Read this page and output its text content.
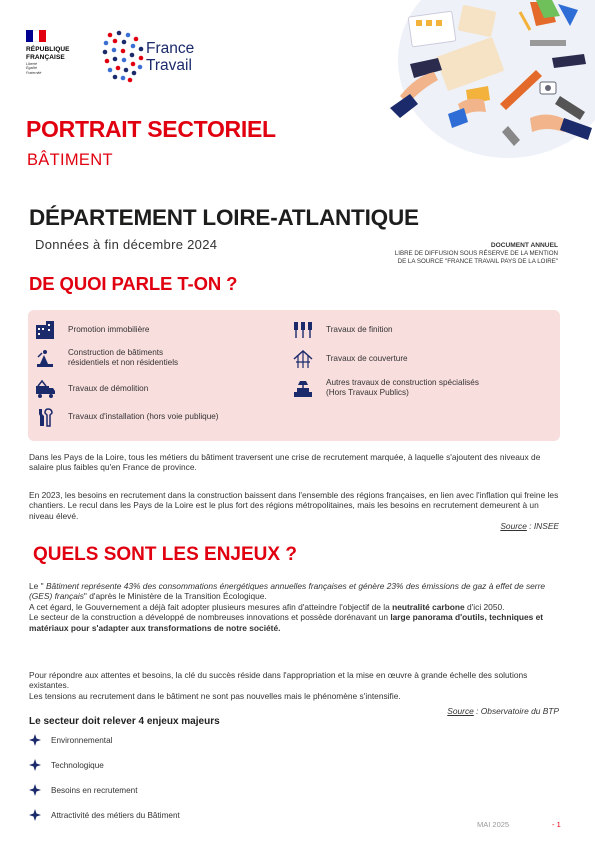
RÉPUBLIQUE
FRANÇAISE
Liberté
Égalité
Fraternité
France
Travail
PORTRAIT SECTORIEL
BÂTIMENT
DÉPARTEMENT LOIRE-ATLANTIQUE
Données à fin décembre 2024	DOCUMENT ANNUEL
LIBRE DE DIFFUSION SOUS RÉSERVE DE LA MENTION
DE LA SOURCE "FRANCE TRAVAIL PAYS DE LA LOIRE"
DE QUOI PARLE T-ON ?
Promotion immobilière
Construction de bâtiments
résidentiels et non résidentiels
Travaux de démolition
Travaux d'installation (hors voie publique)
Travaux de finition
Travaux de couverture
Autres travaux de construction spécialisés
(Hors Travaux Publics)

Dans les Pays de la Loire, tous les métiers du bâtiment traversent une crise de recrutement marquée, à laquelle s'ajoutent des niveaux de salaire plus faibles qu'en France de province.

En 2023, les besoins en recrutement dans la construction baissent dans l'ensemble des régions françaises, en lien avec l'inflation qui freine les chantiers. Le recul dans les Pays de la Loire est le plus fort des régions métropolitaines, mais les besoins en recrutement demeurent à un niveau élevé.

Source : INSEE
QUELS SONT LES ENJEUX ?

Le " Bâtiment représente 43% des consommations énergétiques annuelles françaises et génère 23% des émissions de gaz à effet de serre (GES) français" d'après le Ministère de la Transition Écologique.

A cet égard, le Gouvernement a déjà fait adopter plusieurs mesures afin d'atteindre l'objectif de la neutralité carbone d'ici 2050.

Le secteur de la construction a développé de nombreuses innovations et possède dorénavant un large panorama d'outils, techniques et matériaux pour s'adapter aux transformations de notre société.

Pour répondre aux attentes et besoins, la clé du succès réside dans l'appropriation et la mise en œuvre à grande échelle des solutions existantes.

Les tensions au recrutement dans le bâtiment ne sont pas nouvelles mais le phénomène s'intensifie.

Source : Observatoire du BTP
Le secteur doit relever 4 enjeux majeurs
Environnemental
Technologique
Besoins en recrutement
Attractivité des métiers du Bâtiment
MAI 2025	- 1
